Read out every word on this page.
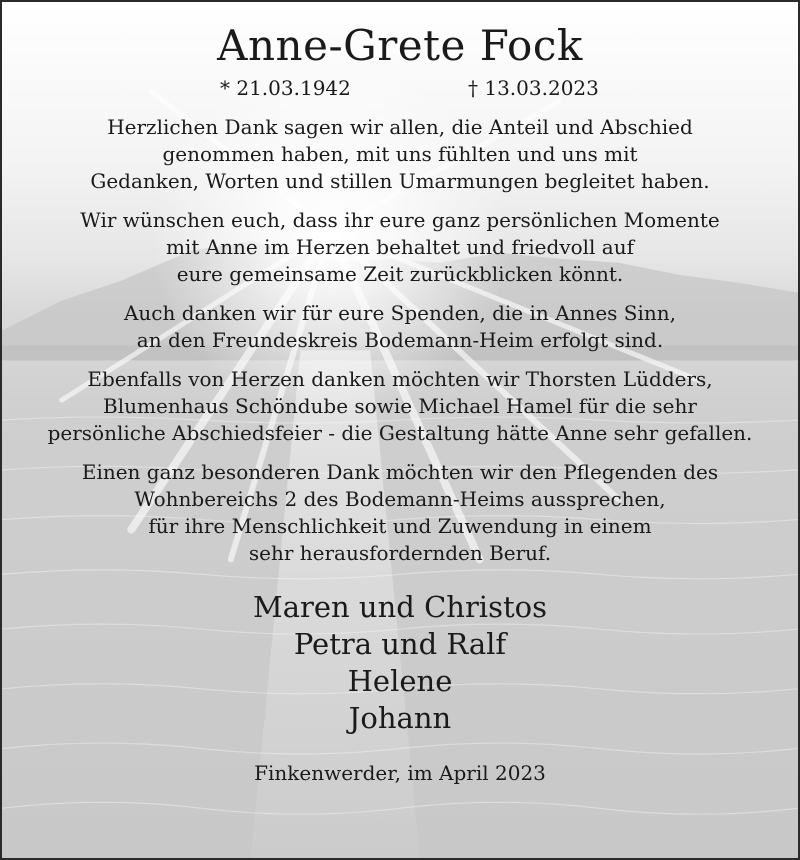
Anne-Grete Fock
* 21.03.1942	† 13.03.2023

Herzlichen Dank sagen wir allen, die Anteil und Abschied

genommen haben, mit uns fühlten und uns mit

Gedanken, Worten und stillen Umarmungen begleitet haben.

Wir wünschen euch, dass ihr eure ganz persönlichen Momente

mit Anne im Herzen behaltet und friedvoll auf

eure gemeinsame Zeit zurückblicken könnt.

Auch danken wir für eure Spenden, die in Annes Sinn,

an den Freundeskreis Bodemann-Heim erfolgt sind.

Ebenfalls von Herzen danken möchten wir Thorsten Lüdders,

Blumenhaus Schöndube sowie Michael Hamel für die sehr

persönliche Abschiedsfeier - die Gestaltung hätte Anne sehr gefallen.

Einen ganz besonderen Dank möchten wir den Pflegenden des

Wohnbereichs 2 des Bodemann-Heims aussprechen,

für ihre Menschlichkeit und Zuwendung in einem

sehr herausfordernden Beruf.

Maren und Christos
Petra und Ralf
Helene
Johann
Finkenwerder, im April 2023
